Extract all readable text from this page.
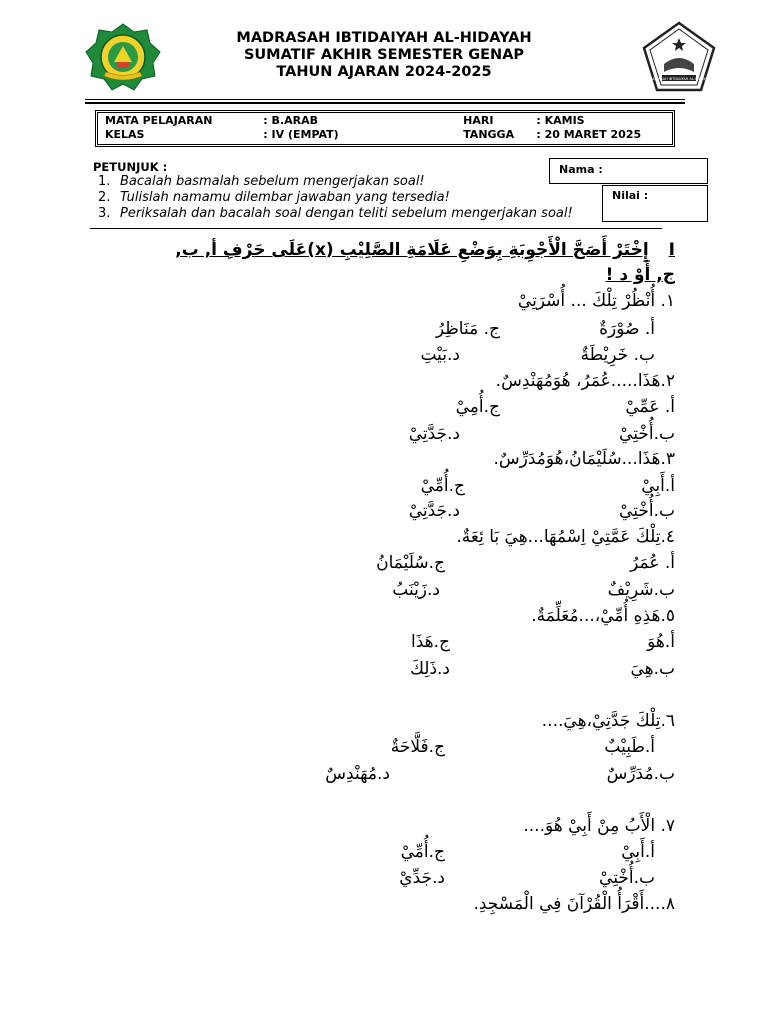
MADRASAH IBTIDAIYAH AL-HIDAYAH
MADRASAH IBTIDAIYAH AL-HIDAYAH
SUMATIF AKHIR SEMESTER GENAP
TAHUN AJARAN 2024-2025
MATA PELAJARAN	: B.ARAB	HARI	: KAMIS
KELAS	: IV (EMPAT)	TANGGA	: 20 MARET 2025
PETUNJUK :
1. Bacalah basmalah sebelum mengerjakan soal!
2. Tulislah namamu dilembar jawaban yang tersedia!
3. Periksalah dan bacalah soal dengan teliti sebelum mengerjakan soal!
Nama :
Nilai :
Iإِخْتَرْ أَصَحَّ الْأَجْوِبَةِ بِوَضْعِ عَلَامَةِ الصَّلِيْبِ (x)عَلَى حَرْفِ أ, ب, ج, أَوْ د !
١. أُنْظُرْ تِلْكَ ... أُسْرَتِيْ
أ. صُوْرَةٌ
ج. مَنَاظِرُ
ب. خَرِيْطَةٌ
د.بَيْتِ
٢.هَذَا.....عُمَرُ، هُوَمُهَنْدِسٌ.
أ. عَمِّيْ
ج.أُمِيْ
ب.أُخْتِيْ
د.جَدَّتِيْ
٣.هَذَا...سُلَيْمَانُ،هُوَمُدَرِّسٌ.
أ.أَبِيْ
ج.أُمِّيْ
ب.أُخْتِيْ
د.جَدَّتِيْ
٤.تِلْكَ عَمَّتِيْ اِسْمُهَا...هِيَ بَا ئِعَةٌ.
أ. عُمَرُ
ج.سُلَيْمَانُ
ب.شَرِيْفٌ
د.زَيْنَبُ
٥.هَذِهِ أُمِّيْ،...مُعَلِّمَةٌ.
أ.هُوَ
ج.هَذَا
ب.هِيَ
د.ذَلِكَ
٦.تِلْكَ جَدَّتِيْ،هِيَ....
أ.طَبِيْبٌ
ج.فَلَّاحَةٌ
ب.مُدَرِّسٌ
د.مُهَنْدِسٌ
٧. الْأَبُ مِنْ أَبِيْ هُوَ....
أ.أَبِيْ
ج.أُمِّيْ
ب.أُخْتِيْ
د.جَدِّيْ
٨....أَقْرَأُ الْقُرْآنَ فِي الْمَسْجِدِ.
